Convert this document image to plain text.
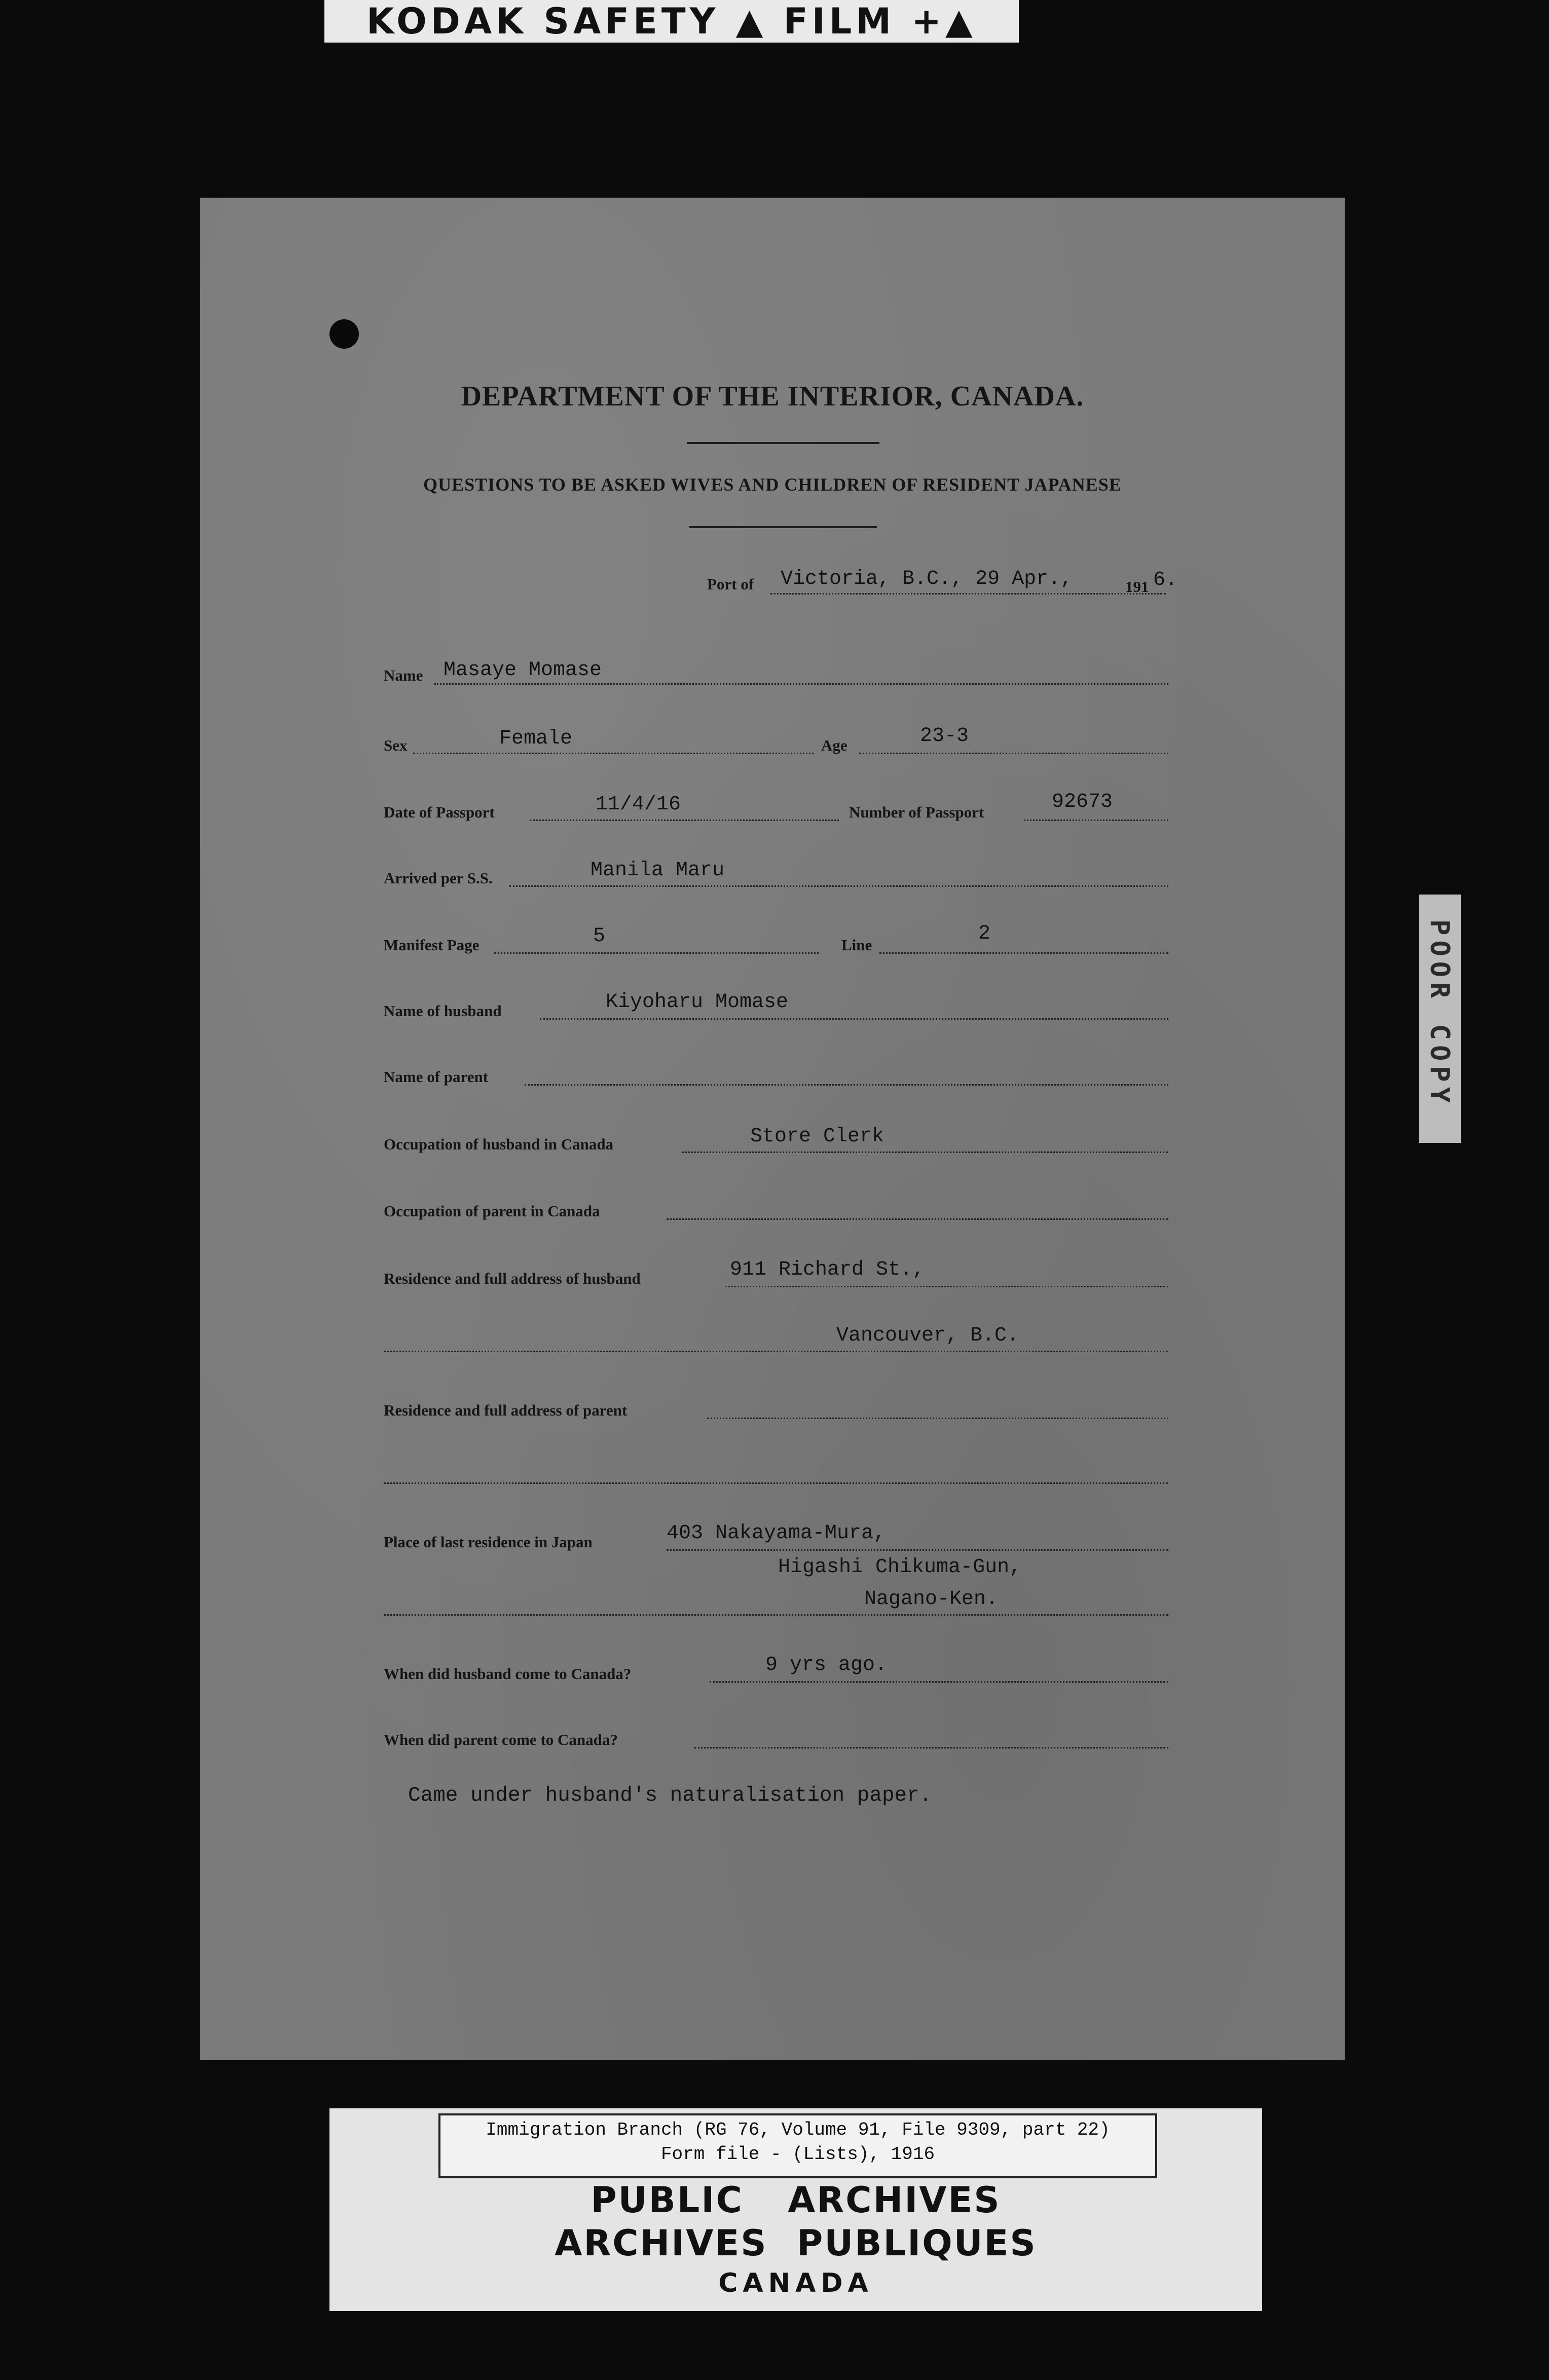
KODAK SAFETY ▲ FILM +▲
DEPARTMENT OF THE INTERIOR, CANADA.
QUESTIONS TO BE ASKED WIVES AND CHILDREN OF RESIDENT JAPANESE
Port of Victoria, B.C., 29 Apr.,	191 6.
Name Masaye Momase
Sex	Female	Age	23-3
Date of Passport	11/4/16	Number of Passport	92673
Arrived per S.S.	Manila Maru
Manifest Page	5	Line	2
Name of husband	Kiyoharu Momase
Name of parent
Occupation of husband in Canada	Store Clerk
Occupation of parent in Canada
Residence and full address of husband	911 Richard St.,
Vancouver, B.C.
Residence and full address of parent
Place of last residence in Japan	403 Nakayama-Mura,
Higashi Chikuma-Gun,
Nagano-Ken.
When did husband come to Canada?	9 yrs ago.
When did parent come to Canada?
Came under husband's naturalisation paper.
POOR COPY
Immigration Branch (RG 76, Volume 91, File 9309, part 22)
Form file - (Lists), 1916
PUBLIC ARCHIVES
ARCHIVES PUBLIQUES
CANADA
